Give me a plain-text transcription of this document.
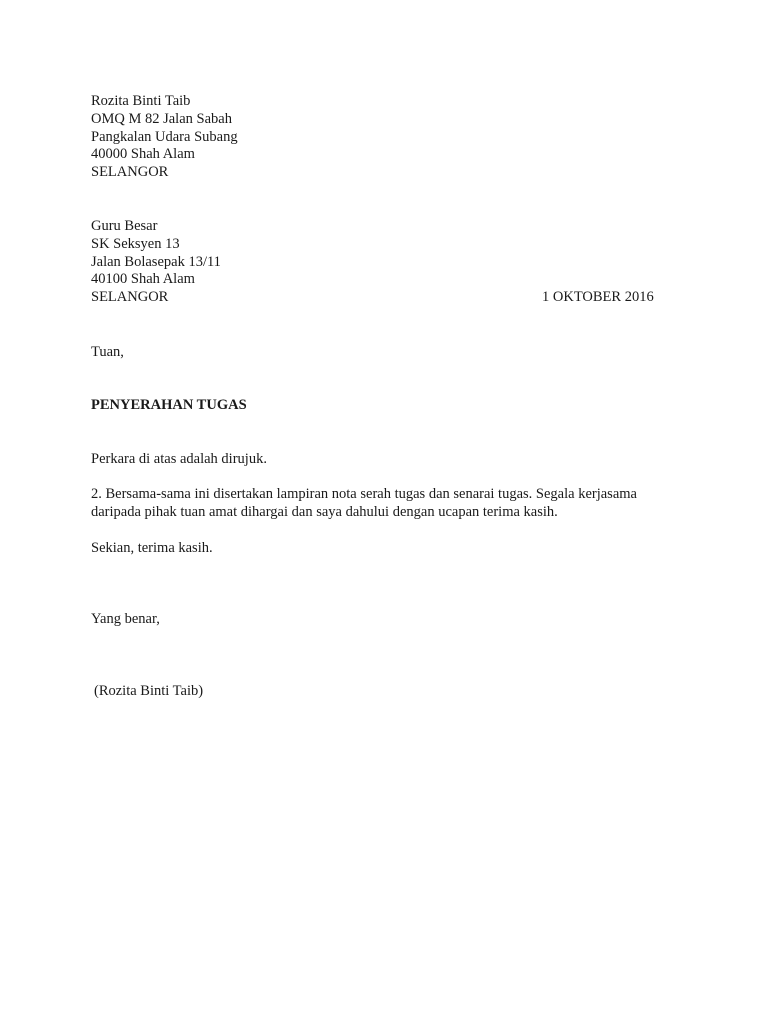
Rozita Binti Taib
OMQ M 82 Jalan Sabah
Pangkalan Udara Subang
40000 Shah Alam
SELANGOR
Guru Besar
SK Seksyen 13
Jalan Bolasepak 13/11
40100 Shah Alam
SELANGOR	1 OKTOBER 2016
Tuan,
PENYERAHAN TUGAS
Perkara di atas adalah dirujuk.
2. Bersama-sama ini disertakan lampiran nota serah tugas dan senarai tugas. Segala kerjasama
daripada pihak tuan amat dihargai dan saya dahului dengan ucapan terima kasih.
Sekian, terima kasih.
Yang benar,
(Rozita Binti Taib)
